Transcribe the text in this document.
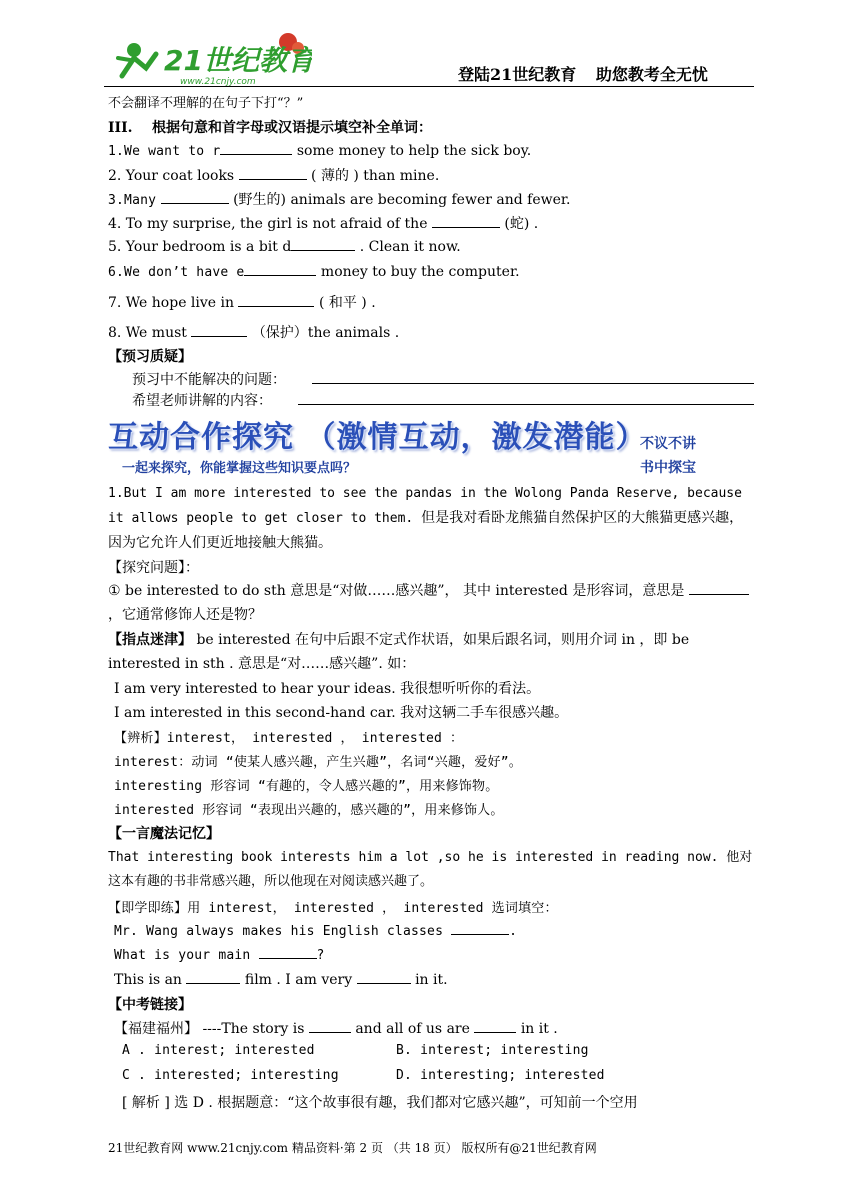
21世纪教育
www.21cnjy.com	登陆21世纪教育 助您教考全无忧
不会翻译不理解的在句子下打“？”
III. 根据句意和首字母或汉语提示填空补全单词：
1.We want to r	some money to help the sick boy.
2. Your coat looks	( 薄的 ) than mine.
3.Many	(野生的) animals are becoming fewer and fewer.
4. To my surprise, the girl is not afraid of the	(蛇) .
5. Your bedroom is a bit d	. Clean it now.
6.We don’t have e	money to buy the computer.
7. We hope live in	( 和平 ) .
8. We must	（保护）the animals .
【预习质疑】
预习中不能解决的问题：
希望老师讲解的内容：
互动合作探究 （激情互动，激发潜能）
不议不讲
一起来探究，你能掌握这些知识要点吗？	书中探宝
1.But I am more interested to see the pandas in the Wolong Panda Reserve, because it allows people to get closer to them. 但是我对看卧龙熊猫自然保护区的大熊猫更感兴趣，因为它允许人们更近地接触大熊猫。
【探究问题】：
① be interested to do sth 意思是“对做……感兴趣”， 其中 interested 是形容词，意思是  ，它通常修饰人还是物？
【指点迷津】 be interested 在句中后跟不定式作状语，如果后跟名词，则用介词 in ，即 be interested in sth . 意思是“对……感兴趣”. 如：
I am very interested to hear your ideas. 我很想听听你的看法。
I am interested in this second-hand car. 我对这辆二手车很感兴趣。
【辨析】interest， interested ， interested ：
interest：动词 “使某人感兴趣，产生兴趣”，名词“兴趣，爱好”。
interesting 形容词 “有趣的，令人感兴趣的”，用来修饰物。
interested 形容词 “表现出兴趣的，感兴趣的”，用来修饰人。
【一言魔法记忆】
That interesting book interests him a lot ,so he is interested in reading now. 他对这本有趣的书非常感兴趣，所以他现在对阅读感兴趣了。
【即学即练】用 interest， interested ， interested 选词填空：
Mr. Wang always makes his English classes	.
What is your main	?
This is an	film . I am very	in it.
【中考链接】
【福建福州】 ----The story is	and all of us are	in it .
A . interest; interested	B. interest; interesting
C . interested; interesting	D. interesting; interested
[ 解析 ] 选 D . 根据题意：“这个故事很有趣，我们都对它感兴趣”，可知前一个空用
21世纪教育网 www.21cnjy.com 精品资料·第 2 页 （共 18 页） 版权所有@21世纪教育网
